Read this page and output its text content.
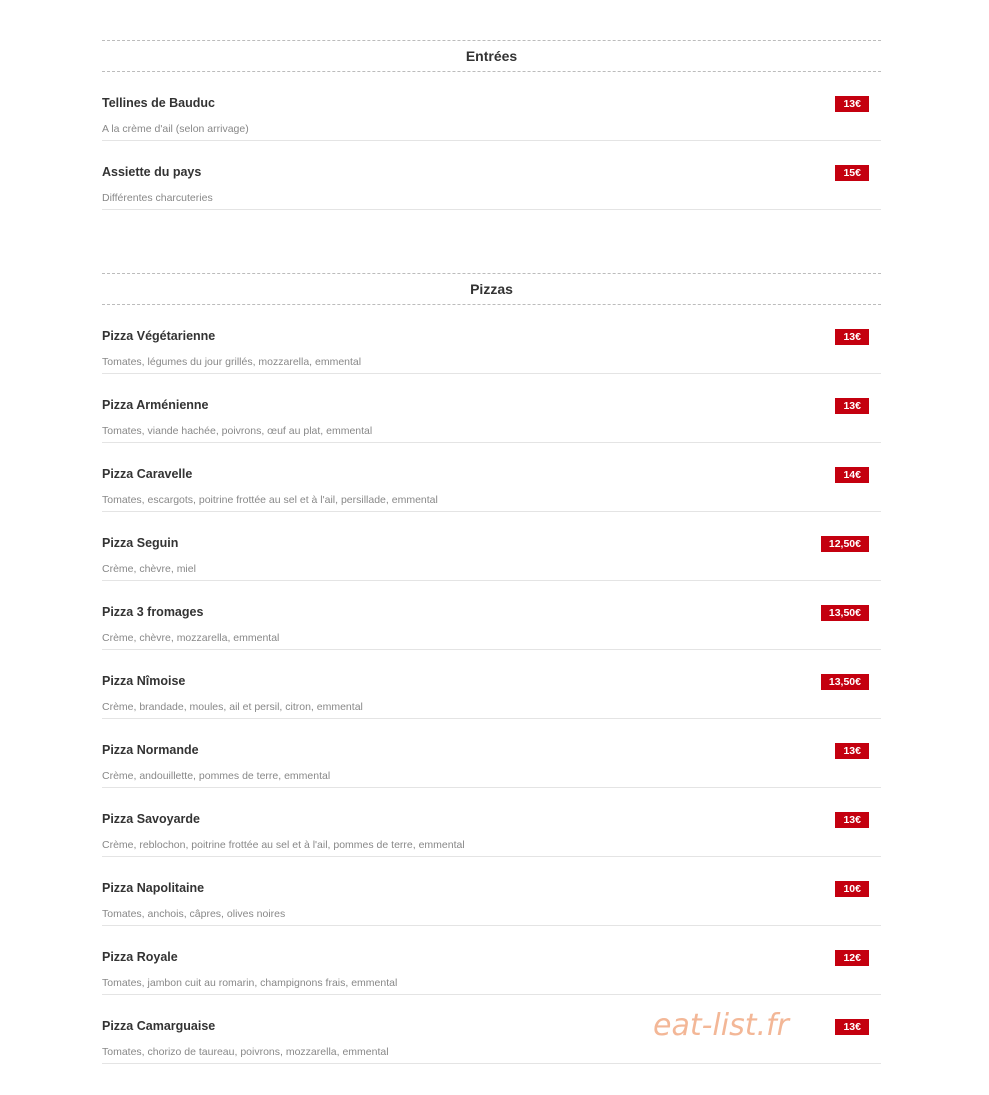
Entrées
Tellines de Bauduc	13€
A la crème d'ail (selon arrivage)
Assiette du pays	15€
Différentes charcuteries
Pizzas
Pizza Végétarienne	13€
Tomates, légumes du jour grillés, mozzarella, emmental
Pizza Arménienne	13€
Tomates, viande hachée, poivrons, œuf au plat, emmental
Pizza Caravelle	14€
Tomates, escargots, poitrine frottée au sel et à l'ail, persillade, emmental
Pizza Seguin	12,50€
Crème, chèvre, miel
Pizza 3 fromages	13,50€
Crème, chèvre, mozzarella, emmental
Pizza Nîmoise	13,50€
Crème, brandade, moules, ail et persil, citron, emmental
Pizza Normande	13€
Crème, andouillette, pommes de terre, emmental
Pizza Savoyarde	13€
Crème, reblochon, poitrine frottée au sel et à l'ail, pommes de terre, emmental
Pizza Napolitaine	10€
Tomates, anchois, câpres, olives noires
Pizza Royale	12€
Tomates, jambon cuit au romarin, champignons frais, emmental
Pizza Camarguaise	13€
Tomates, chorizo de taureau, poivrons, mozzarella, emmental
eat-list.fr
